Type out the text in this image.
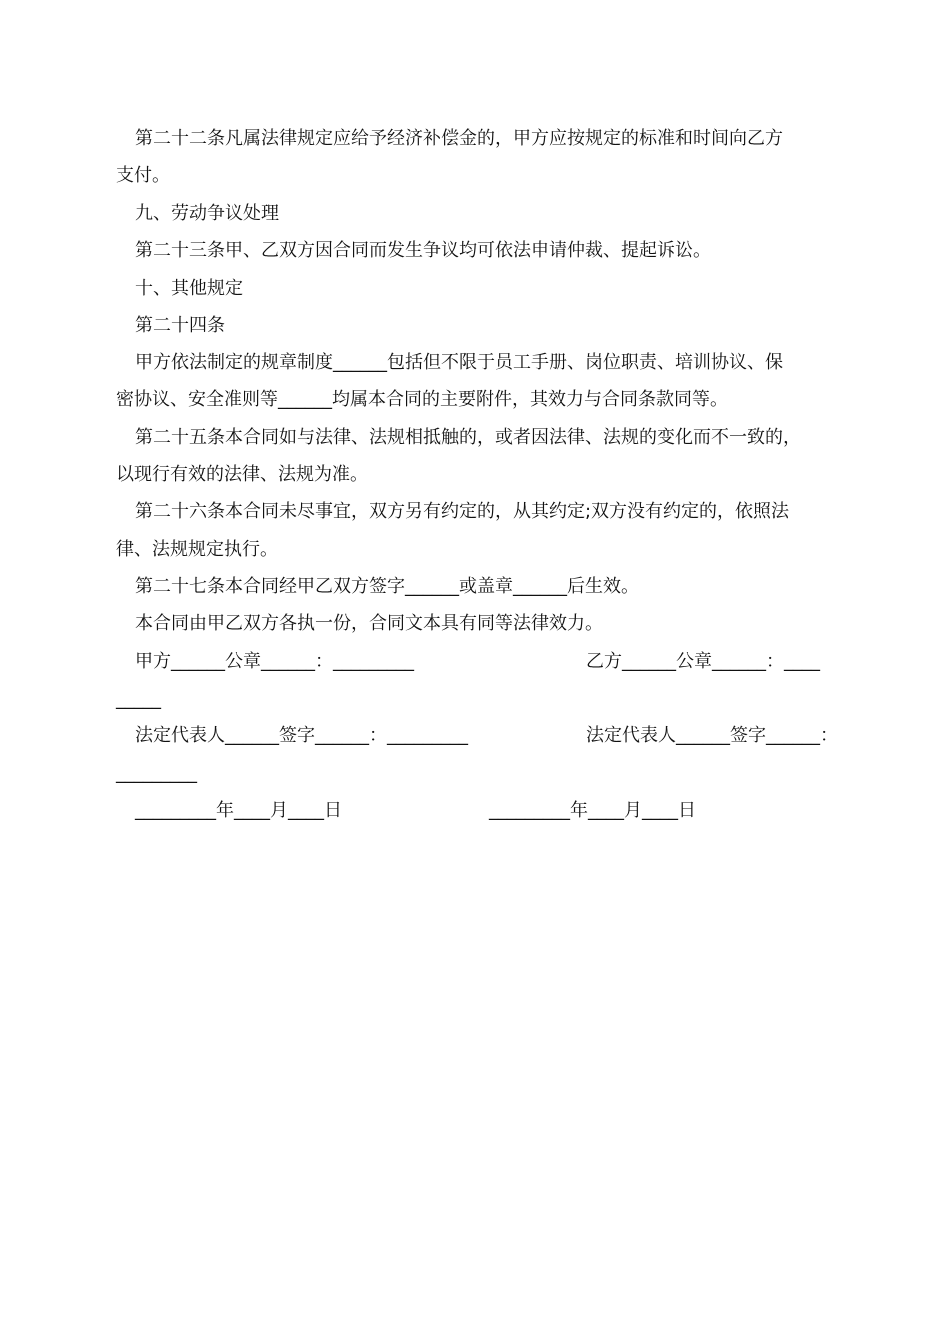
第二十二条凡属法律规定应给予经济补偿金的，甲方应按规定的标准和时间向乙方
支付。
九、劳动争议处理
第二十三条甲、乙双方因合同而发生争议均可依法申请仲裁、提起诉讼。
十、其他规定
第二十四条
甲方依法制定的规章制度______包括但不限于员工手册、岗位职责、培训协议、保
密协议、安全准则等______均属本合同的主要附件，其效力与合同条款同等。
第二十五条本合同如与法律、法规相抵触的，或者因法律、法规的变化而不一致的，
以现行有效的法律、法规为准。
第二十六条本合同未尽事宜，双方另有约定的，从其约定;双方没有约定的，依照法
律、法规规定执行。
第二十七条本合同经甲乙双方签字______或盖章______后生效。
本合同由甲乙双方各执一份，合同文本具有同等法律效力。
甲方______公章______：_________	乙方______公章______：____
_____
法定代表人______签字______：_________	法定代表人______签字______：
_________
_________年____月____日	_________年____月____日
